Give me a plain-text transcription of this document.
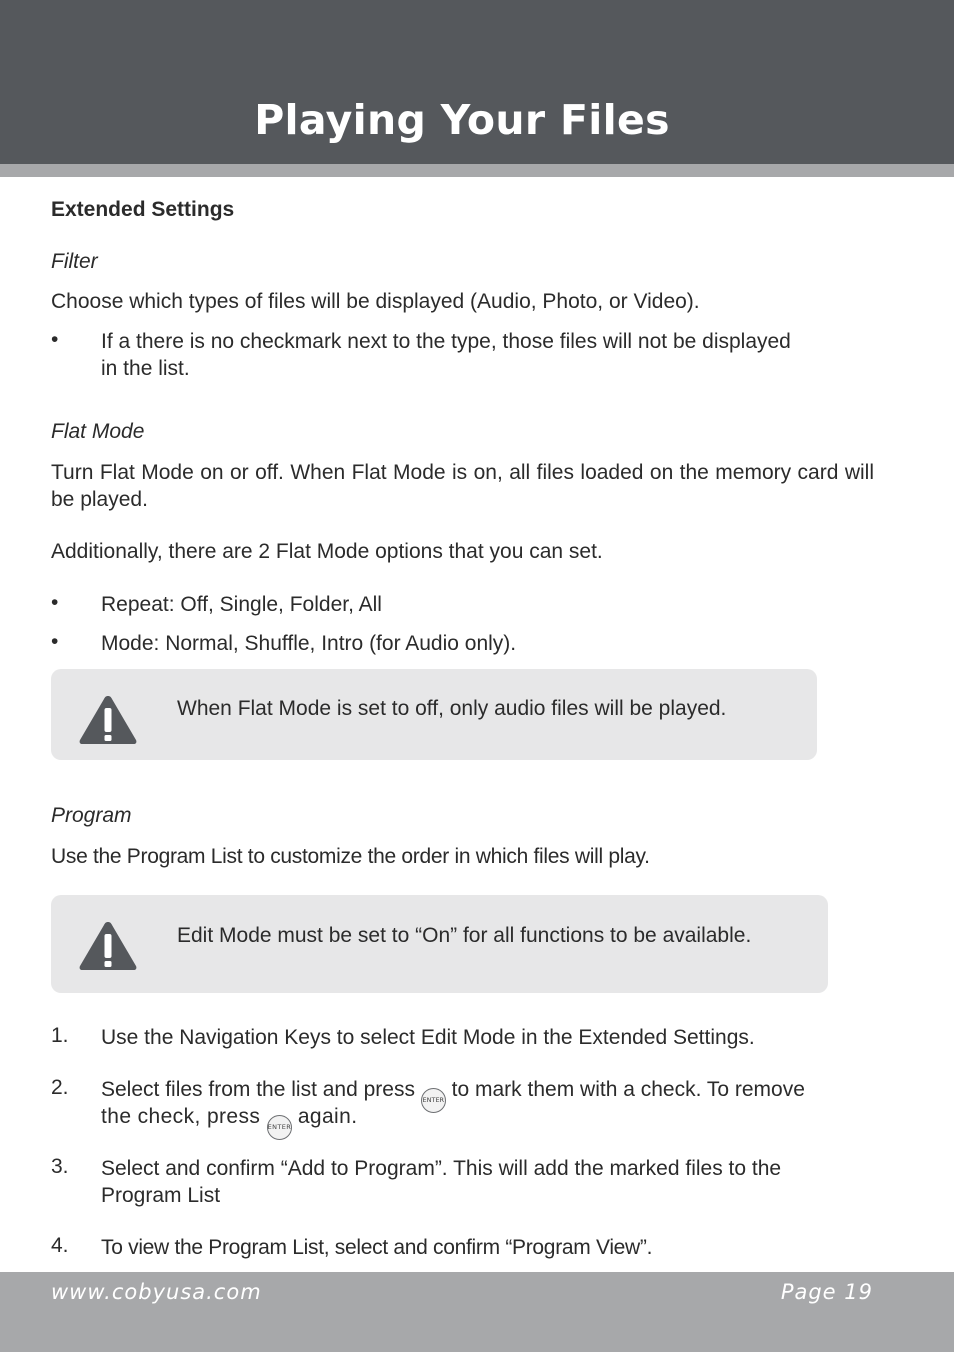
Playing Your Files
Extended Settings
Filter
Choose which types of files will be displayed (Audio, Photo, or Video).
• If a there is no checkmark next to the type, those files will not be displayed
in the list.
Flat Mode
Turn Flat Mode on or off. When Flat Mode is on, all files loaded on the memory card will be played.
Additionally, there are 2 Flat Mode options that you can set.
• Repeat: Off, Single, Folder, All
• Mode: Normal, Shuffle, Intro (for Audio only).
When Flat Mode is set to off, only audio files will be played.
Program
Use the Program List to customize the order in which files will play.
Edit Mode must be set to “On” for all functions to be available.
1. Use the Navigation Keys to select Edit Mode in the Extended Settings.
2. Select files from the list and press ENTER to mark them with a check. To remove
the check, press ENTER again.
3. Select and confirm “Add to Program”. This will add the marked files to the
Program List
4. To view the Program List, select and confirm “Program View”.
www.cobyusa.com	Page 19
